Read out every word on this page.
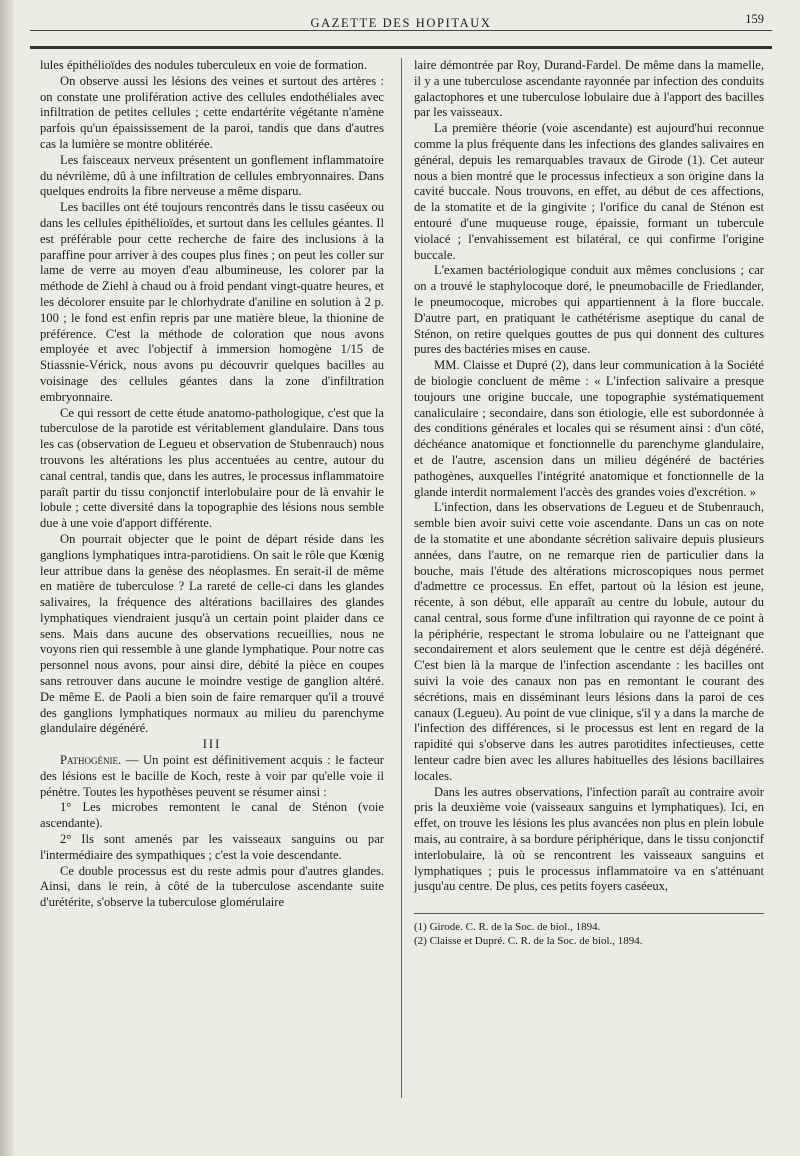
GAZETTE DES HOPITAUX	159

lules épithélioïdes des nodules tuberculeux en voie de formation.

On observe aussi les lésions des veines et surtout des artères : on constate une prolifération active des cellules endothéliales avec infiltration de petites cellules ; cette endartérite végétante n'amène parfois qu'un épaississement de la paroi, tandis que dans d'autres cas la lumière se montre oblitérée.

Les faisceaux nerveux présentent un gonflement inflammatoire du névrilème, dû à une infiltration de cellules embryonnaires. Dans quelques endroits la fibre nerveuse a même disparu.

Les bacilles ont été toujours rencontrés dans le tissu caséeux ou dans les cellules épithélioïdes, et surtout dans les cellules géantes. Il est préférable pour cette recherche de faire des inclusions à la paraffine pour arriver à des coupes plus fines ; on peut les coller sur lame de verre au moyen d'eau albumineuse, les colorer par la méthode de Ziehl à chaud ou à froid pendant vingt-quatre heures, et les décolorer ensuite par le chlorhydrate d'aniline en solution à 2 p. 100 ; le fond est enfin repris par une matière bleue, la thionine de préférence. C'est la méthode de coloration que nous avons employée et avec l'objectif à immersion homogène 1/15 de Stiassnie-Vérick, nous avons pu découvrir quelques bacilles au voisinage des cellules géantes dans la zone d'infiltration embryonnaire.

Ce qui ressort de cette étude anatomo-pathologique, c'est que la tuberculose de la parotide est véritablement glandulaire. Dans tous les cas (observation de Legueu et observation de Stubenrauch) nous trouvons les altérations les plus accentuées au centre, autour du canal central, tandis que, dans les autres, le processus inflammatoire paraît partir du tissu conjonctif interlobulaire pour de là envahir le lobule ; cette diversité dans la topographie des lésions nous semble due à une voie d'apport différente.

On pourrait objecter que le point de départ réside dans les ganglions lymphatiques intra-parotidiens. On sait le rôle que Kœnig leur attribue dans la genèse des néoplasmes. En serait-il de même en matière de tuberculose ? La rareté de celle-ci dans les glandes salivaires, la fréquence des altérations bacillaires des glandes lymphatiques viendraient jusqu'à un certain point plaider dans ce sens. Mais dans aucune des observations recueillies, nous ne voyons rien qui ressemble à une glande lymphatique. Pour notre cas personnel nous avons, pour ainsi dire, débité la pièce en coupes sans retrouver dans aucune le moindre vestige de ganglion altéré. De même E. de Paoli a bien soin de faire remarquer qu'il a trouvé des ganglions lymphatiques normaux au milieu du parenchyme glandulaire dégénéré.

III

Pathogénie. — Un point est définitivement acquis : le facteur des lésions est le bacille de Koch, reste à voir par qu'elle voie il pénètre. Toutes les hypothèses peuvent se résumer ainsi :

1° Les microbes remontent le canal de Sténon (voie ascendante).

2° Ils sont amenés par les vaisseaux sanguins ou par l'intermédiaire des sympathiques ; c'est la voie descendante.

Ce double processus est du reste admis pour d'autres glandes. Ainsi, dans le rein, à côté de la tuberculose ascendante suite d'urétérite, s'observe la tuberculose glomérulaire

laire démontrée par Roy, Durand-Fardel. De même dans la mamelle, il y a une tuberculose ascendante rayonnée par infection des conduits galactophores et une tuberculose lobulaire due à l'apport des bacilles par les vaisseaux.

La première théorie (voie ascendante) est aujourd'hui reconnue comme la plus fréquente dans les infections des glandes salivaires en général, depuis les remarquables travaux de Girode (1). Cet auteur nous a bien montré que le processus infectieux a son origine dans la cavité buccale. Nous trouvons, en effet, au début de ces affections, de la stomatite et de la gingivite ; l'orifice du canal de Sténon est entouré d'une muqueuse rouge, épaissie, formant un tubercule violacé ; l'envahissement est bilatéral, ce qui confirme l'origine buccale.

L'examen bactériologique conduit aux mêmes conclusions ; car on a trouvé le staphylocoque doré, le pneumobacille de Friedlander, le pneumocoque, microbes qui appartiennent à la flore buccale. D'autre part, en pratiquant le cathétérisme aseptique du canal de Sténon, on retire quelques gouttes de pus qui donnent des cultures pures des bactéries mises en cause.

MM. Claisse et Dupré (2), dans leur communication à la Société de biologie concluent de même : « L'infection salivaire a presque toujours une origine buccale, une topographie systématiquement canaliculaire ; secondaire, dans son étiologie, elle est subordonnée à des conditions générales et locales qui se résument ainsi : d'un côté, déchéance anatomique et fonctionnelle du parenchyme glandulaire, et de l'autre, ascension dans un milieu dégénéré de bactéries pathogènes, auxquelles l'intégrité anatomique et fonctionnelle de la glande interdit normalement l'accès des grandes voies d'excrétion. »

L'infection, dans les observations de Legueu et de Stubenrauch, semble bien avoir suivi cette voie ascendante. Dans un cas on note de la stomatite et une abondante sécrétion salivaire depuis plusieurs années, dans l'autre, on ne remarque rien de particulier dans la bouche, mais l'étude des altérations microscopiques nous permet d'admettre ce processus. En effet, partout où la lésion est jeune, récente, à son début, elle apparaît au centre du lobule, autour du canal central, sous forme d'une infiltration qui rayonne de ce point à la périphérie, respectant le stroma lobulaire ou ne l'atteignant que secondairement et alors seulement que le centre est déjà dégénéré. C'est bien là la marque de l'infection ascendante : les bacilles ont suivi la voie des canaux non pas en remontant le courant des sécrétions, mais en disséminant leurs lésions dans la paroi de ces canaux (Legueu). Au point de vue clinique, s'il y a dans la marche de l'infection des différences, si le processus est lent en regard de la rapidité qui s'observe dans les autres parotidites infectieuses, cette lenteur cadre bien avec les allures habituelles des lésions bacillaires locales.

Dans les autres observations, l'infection paraît au contraire avoir pris la deuxième voie (vaisseaux sanguins et lymphatiques). Ici, en effet, on trouve les lésions les plus avancées non plus en plein lobule mais, au contraire, à sa bordure périphérique, dans le tissu conjonctif interlobulaire, là où se rencontrent les vaisseaux sanguins et lymphatiques ; puis le processus inflammatoire va en s'atténuant jusqu'au centre. De plus, ces petits foyers caséeux,

(1) Girode. C. R. de la Soc. de biol., 1894.

(2) Claisse et Dupré. C. R. de la Soc. de biol., 1894.
